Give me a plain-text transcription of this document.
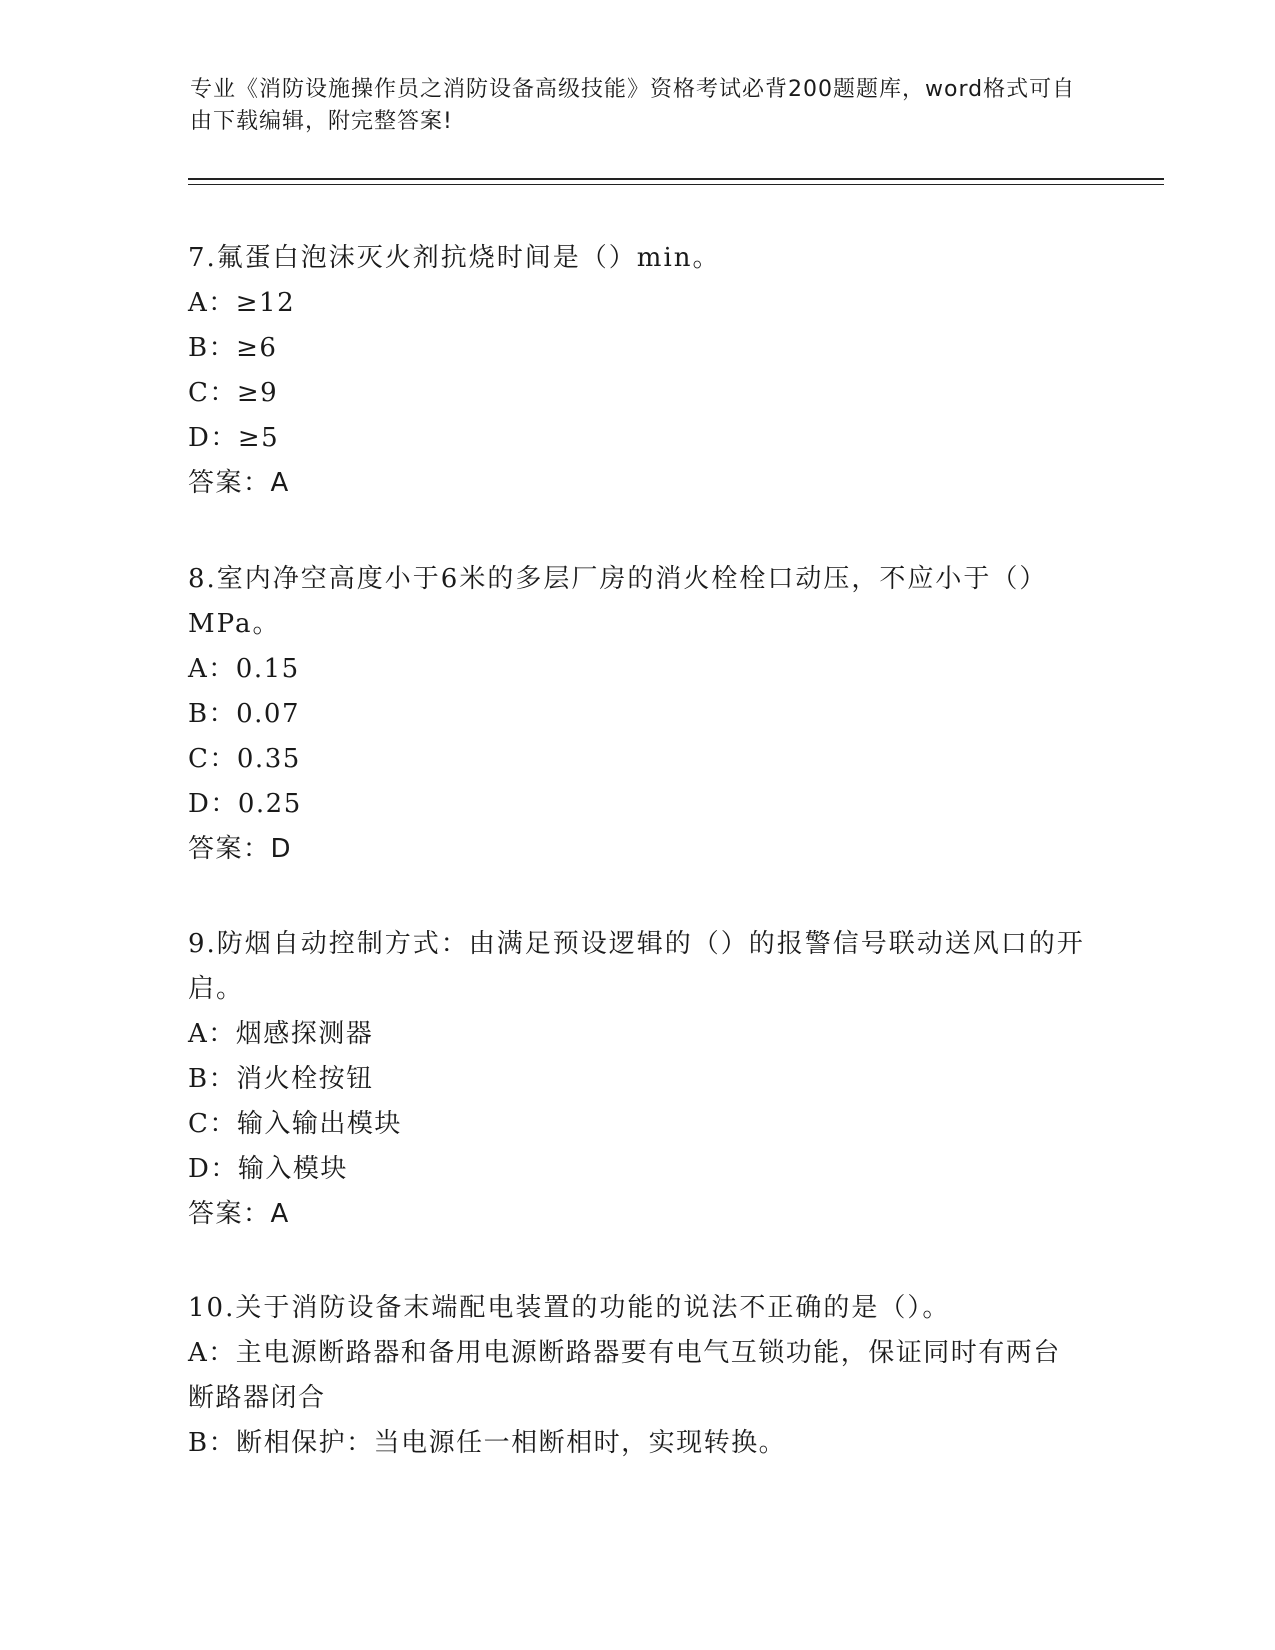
专业《消防设施操作员之消防设备高级技能》资格考试必背200题题库，word格式可自由下载编辑，附完整答案!
7.氟蛋白泡沫灭火剂抗烧时间是（）min。
A：≥12
B：≥6
C：≥9
D：≥5
答案：A
8.室内净空高度小于6米的多层厂房的消火栓栓口动压，不应小于（）MPa。
A：0.15
B：0.07
C：0.35
D：0.25
答案：D
9.防烟自动控制方式：由满足预设逻辑的（）的报警信号联动送风口的开启。
A：烟感探测器
B：消火栓按钮
C：输入输出模块
D：输入模块
答案：A
10.关于消防设备末端配电装置的功能的说法不正确的是（）。
A：主电源断路器和备用电源断路器要有电气互锁功能，保证同时有两台断路器闭合
B：断相保护：当电源任一相断相时，实现转换。
